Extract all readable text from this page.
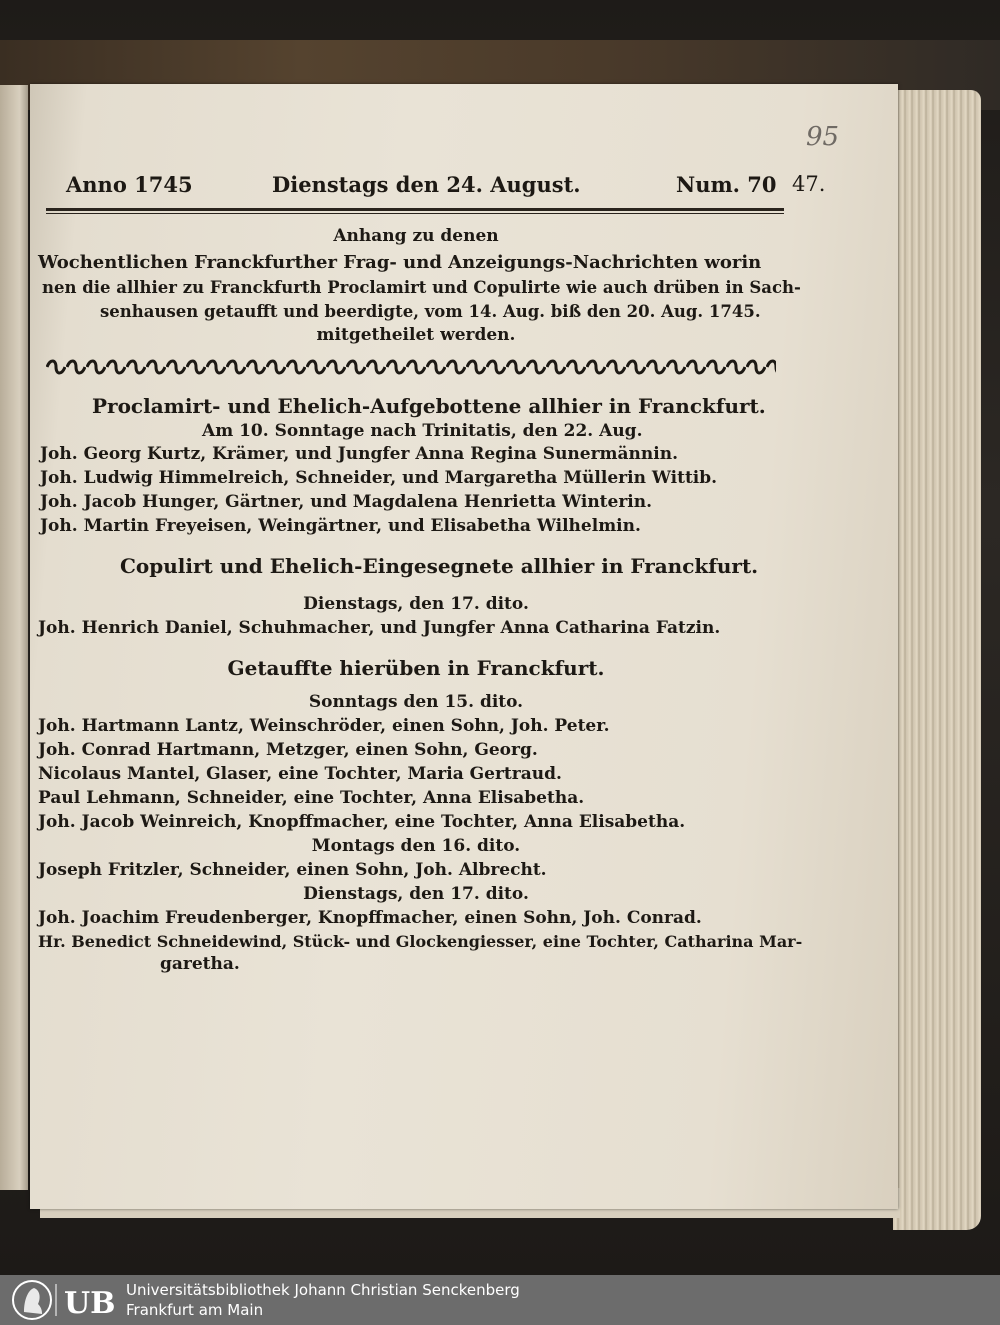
95
Anno 1745	Dienstags den 24. August.	Num. 70 47.
Anhang zu denen
Wochentlichen Franckfurther Frag- und Anzeigungs-Nachrichten worin
nen die allhier zu Franckfurth Proclamirt und Copulirte wie auch drüben in Sach-
senhausen getaufft und beerdigte, vom 14. Aug. biß den 20. Aug. 1745.
mitgetheilet werden.
Proclamirt- und Ehelich-Aufgebottene allhier in Franckfurt.
Am 10. Sonntage nach Trinitatis, den 22. Aug.
Joh. Georg Kurtz, Krämer, und Jungfer Anna Regina Sunermännin.
Joh. Ludwig Himmelreich, Schneider, und Margaretha Müllerin Wittib.
Joh. Jacob Hunger, Gärtner, und Magdalena Henrietta Winterin.
Joh. Martin Freyeisen, Weingärtner, und Elisabetha Wilhelmin.
Copulirt und Ehelich-Eingesegnete allhier in Franckfurt.
Dienstags, den 17. dito.
Joh. Henrich Daniel, Schuhmacher, und Jungfer Anna Catharina Fatzin.
Getauffte hierüben in Franckfurt.
Sonntags den 15. dito.
Joh. Hartmann Lantz, Weinschröder, einen Sohn, Joh. Peter.
Joh. Conrad Hartmann, Metzger, einen Sohn, Georg.
Nicolaus Mantel, Glaser, eine Tochter, Maria Gertraud.
Paul Lehmann, Schneider, eine Tochter, Anna Elisabetha.
Joh. Jacob Weinreich, Knopffmacher, eine Tochter, Anna Elisabetha.
Montags den 16. dito.
Joseph Fritzler, Schneider, einen Sohn, Joh. Albrecht.
Dienstags, den 17. dito.
Joh. Joachim Freudenberger, Knopffmacher, einen Sohn, Joh. Conrad.
Hr. Benedict Schneidewind, Stück- und Glockengiesser, eine Tochter, Catharina Mar-
garetha.
UB Universitätsbibliothek Johann Christian Senckenberg
Frankfurt am Main
